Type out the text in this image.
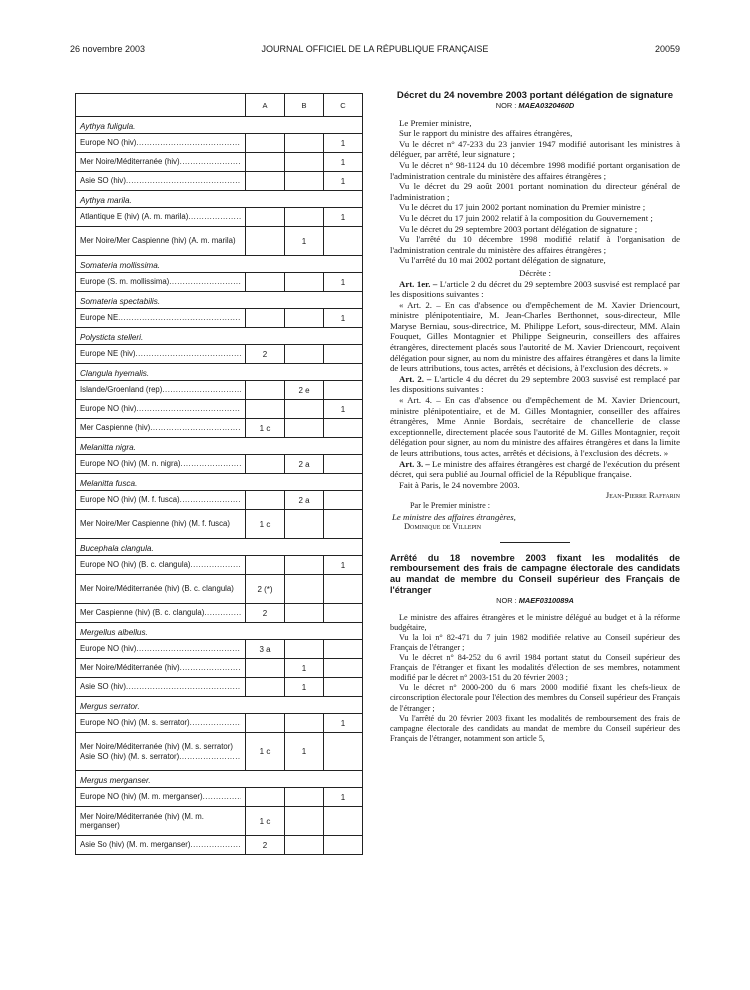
26 novembre 2003	JOURNAL OFFICIEL DE LA RÉPUBLIQUE FRANÇAISE	20059
	A	B	C
Aythya fuligula.			

Europe NO (hiv) .....			1

Mer Noire/Méditerranée (hiv) .....			1

Asie SO (hiv) .....			1
Aythya marila.			

Atlantique E (hiv) (A. m. marila) .....			1

Mer Noire/Mer Caspienne (hiv) (A. m. marila)		1	
Somateria mollissima.			

Europe (S. m. mollissima) .....			1
Somateria spectabilis.			

Europe NE .....			1
Polysticta stelleri.			

Europe NE (hiv) .....	2		
Clangula hyemalis.			

Islande/Groenland (rep) .....		2 e	

Europe NO (hiv) .....			1

Mer Caspienne (hiv) .....	1 c		
Melanitta nigra.			

Europe NO (hiv) (M. n. nigra) .....		2 a	
Melanitta fusca.			

Europe NO (hiv) (M. f. fusca) .....		2 a	

Mer Noire/Mer Caspienne (hiv) (M. f. fusca)	1 c		
Bucephala clangula.			

Europe NO (hiv) (B. c. clangula) .....			1

Mer Noire/Méditerranée (hiv) (B. c. clangula)	2 (*)		

Mer Caspienne (hiv) (B. c. clangula) .....	2		
Mergellus albellus.			

Europe NO (hiv) .....	3 a		

Mer Noire/Méditerranée (hiv) .....		1	

Asie SO (hiv) .....		1	
Mergus serrator.			

Europe NO (hiv) (M. s. serrator) .....			1

Mer Noire/Méditerranée (hiv) (M. s. serrator)
Asie SO (hiv) (M. s. serrator) .....	1 c	1	
Mergus merganser.			

Europe NO (hiv) (M. m. merganser) .....			1

Mer Noire/Méditerranée (hiv) (M. m. merganser)	1 c		

Asie So (hiv) (M. m. merganser) .....	2		

Décret du 24 novembre 2003 portant délégation de signature

NOR : MAEA0320460D

Le Premier ministre,

Sur le rapport du ministre des affaires étrangères,

Vu le décret n° 47-233 du 23 janvier 1947 modifié autorisant les ministres à déléguer, par arrêté, leur signature ;

Vu le décret n° 98-1124 du 10 décembre 1998 modifié portant organisation de l'administration centrale du ministère des affaires étrangères ;

Vu le décret du 29 août 2001 portant nomination du directeur général de l'administration ;

Vu le décret du 17 juin 2002 portant nomination du Premier ministre ;

Vu le décret du 17 juin 2002 relatif à la composition du Gouvernement ;

Vu le décret du 29 septembre 2003 portant délégation de signature ;

Vu l'arrêté du 10 décembre 1998 modifié relatif à l'organisation de l'administration centrale du ministère des affaires étrangères ;

Vu l'arrêté du 10 mai 2002 portant délégation de signature,

Décrète :

Art. 1er. – L'article 2 du décret du 29 septembre 2003 susvisé est remplacé par les dispositions suivantes :

« Art. 2. – En cas d'absence ou d'empêchement de M. Xavier Driencourt, ministre plénipotentiaire, M. Jean-Charles Berthonnet, sous-directeur, Mlle Maryse Berniau, sous-directrice, M. Philippe Lefort, sous-directeur, MM. Alain Fouquet, Gilles Montagnier et Philippe Seigneurin, conseillers des affaires étrangères, directement placés sous l'autorité de M. Xavier Driencourt, reçoivent délégation pour signer, au nom du ministre des affaires étrangères et dans la limite de leurs attributions, tous actes, arrêtés et décisions, à l'exclusion des décrets. »

Art. 2. – L'article 4 du décret du 29 septembre 2003 susvisé est remplacé par les dispositions suivantes :

« Art. 4. – En cas d'absence ou d'empêchement de M. Xavier Driencourt, ministre plénipotentiaire, et de M. Gilles Montagnier, conseiller des affaires étrangères, Mme Annie Bordais, secrétaire de chancellerie de classe exceptionnelle, directement placée sous l'autorité de M. Gilles Montagnier, reçoit délégation pour signer, au nom du ministre des affaires étrangères et dans la limite de leurs attributions, tous actes, arrêtés et décisions, à l'exclusion des décrets. »

Art. 3. – Le ministre des affaires étrangères est chargé de l'exécution du présent décret, qui sera publié au Journal officiel de la République française.

Fait à Paris, le 24 novembre 2003.

Jean-Pierre Raffarin

Par le Premier ministre :

Le ministre des affaires étrangères,

Dominique de Villepin

Arrêté du 18 novembre 2003 fixant les modalités de remboursement des frais de campagne électorale des candidats au mandat de membre du Conseil supérieur des Français de l'étranger

NOR : MAEF0310089A

Le ministre des affaires étrangères et le ministre délégué au budget et à la réforme budgétaire,

Vu la loi n° 82-471 du 7 juin 1982 modifiée relative au Conseil supérieur des Français de l'étranger ;

Vu le décret n° 84-252 du 6 avril 1984 portant statut du Conseil supérieur des Français de l'étranger et fixant les modalités d'élection de ses membres, notamment modifié par le décret n° 2003-151 du 20 février 2003 ;

Vu le décret n° 2000-200 du 6 mars 2000 modifié fixant les chefs-lieux de circonscription électorale pour l'élection des membres du Conseil supérieur des Français de l'étranger ;

Vu l'arrêté du 20 février 2003 fixant les modalités de remboursement des frais de campagne électorale des candidats au mandat de membre du Conseil supérieur des Français de l'étranger, notamment son article 5,
